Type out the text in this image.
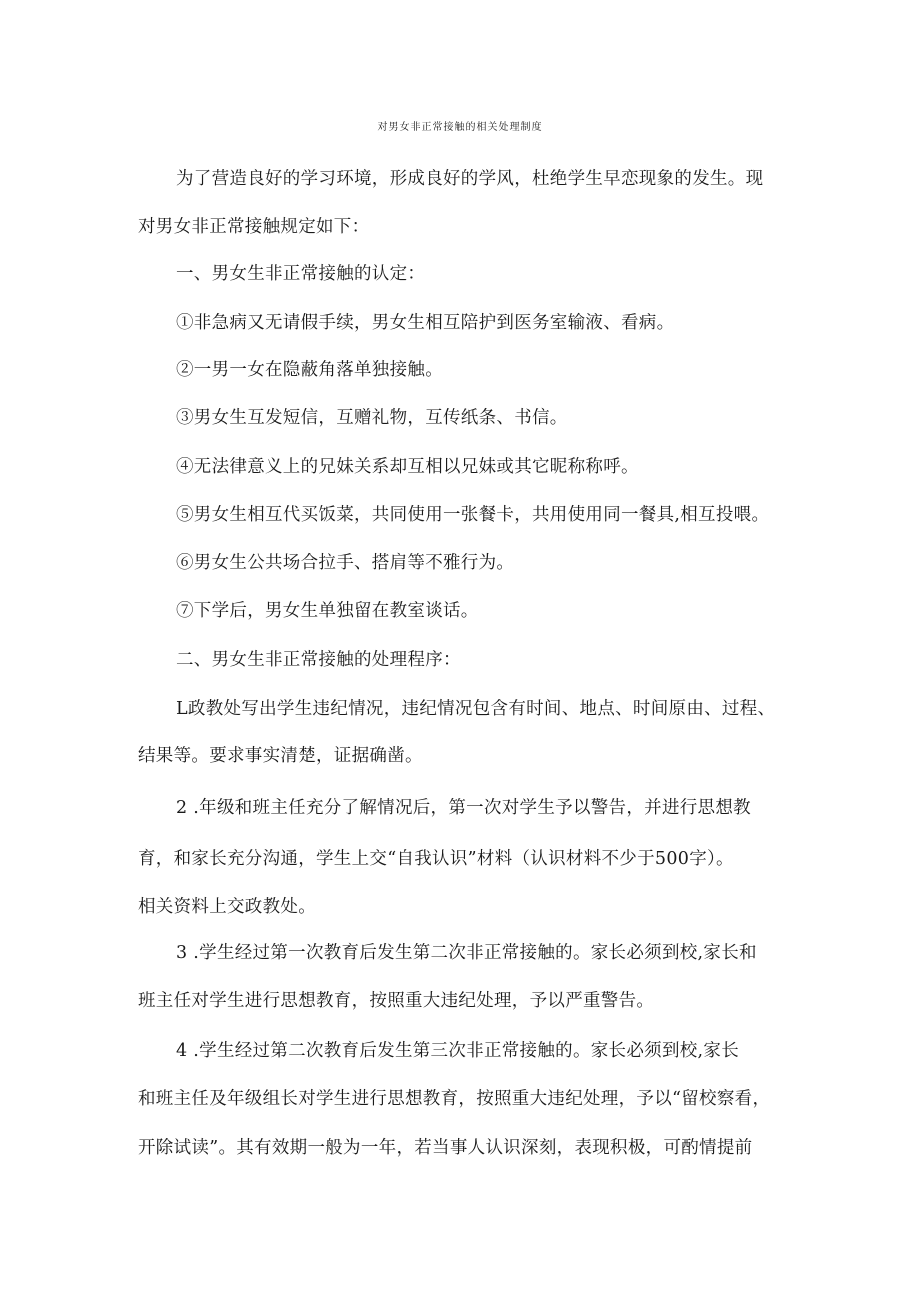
对男女非正常接触的相关处理制度
为了营造良好的学习环境，形成良好的学风，杜绝学生早恋现象的发生。现
对男女非正常接触规定如下：
一、男女生非正常接触的认定：
①非急病又无请假手续，男女生相互陪护到医务室输液、看病。
②一男一女在隐蔽角落单独接触。
③男女生互发短信，互赠礼物，互传纸条、书信。
④无法律意义上的兄妹关系却互相以兄妹或其它昵称称呼。
⑤男女生相互代买饭菜，共同使用一张餐卡，共用使用同一餐具,相互投喂。
⑥男女生公共场合拉手、搭肩等不雅行为。
⑦下学后，男女生单独留在教室谈话。
二、男女生非正常接触的处理程序：
L政教处写出学生违纪情况，违纪情况包含有时间、地点、时间原由、过程、
结果等。要求事实清楚，证据确凿。
2 .年级和班主任充分了解情况后，第一次对学生予以警告，并进行思想教
育，和家长充分沟通，学生上交“自我认识”材料（认识材料不少于500字）。
相关资料上交政教处。
3 .学生经过第一次教育后发生第二次非正常接触的。家长必须到校,家长和
班主任对学生进行思想教育，按照重大违纪处理，予以严重警告。
4 .学生经过第二次教育后发生第三次非正常接触的。家长必须到校,家长
和班主任及年级组长对学生进行思想教育，按照重大违纪处理，予以“留校察看，
开除试读”。其有效期一般为一年，若当事人认识深刻，表现积极，可酌情提前
